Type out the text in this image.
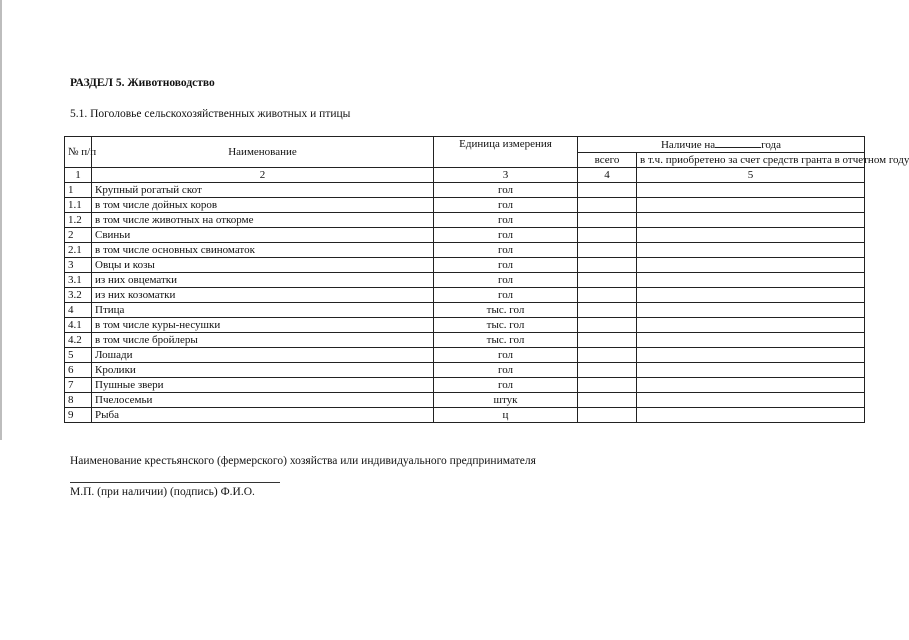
РАЗДЕЛ 5. Животноводство
5.1. Поголовье сельскохозяйственных животных и птицы
№ п/п	Наименование	Единица измерения	Наличие на года	
			всего	в т.ч. приобретено за счет средств гранта в отчетном году
1	2	3	4	5
1	Крупный рогатый скот	гол		
1.1	в том числе дойных коров	гол		
1.2	в том числе животных на откорме	гол		
2	Свиньи	гол		
2.1	в том числе основных свиноматок	гол		
3	Овцы и козы	гол		
3.1	из них овцематки	гол		
3.2	из них козоматки	гол		
4	Птица	тыс. гол		
4.1	в том числе куры-несушки	тыс. гол		
4.2	в том числе бройлеры	тыс. гол		
5	Лошади	гол		
6	Кролики	гол		
7	Пушные звери	гол		
8	Пчелосемьи	штук		
9	Рыба	ц		
Наименование крестьянского (фермерского) хозяйства или индивидуального предпринимателя
М.П. (при наличии) (подпись) Ф.И.О.
